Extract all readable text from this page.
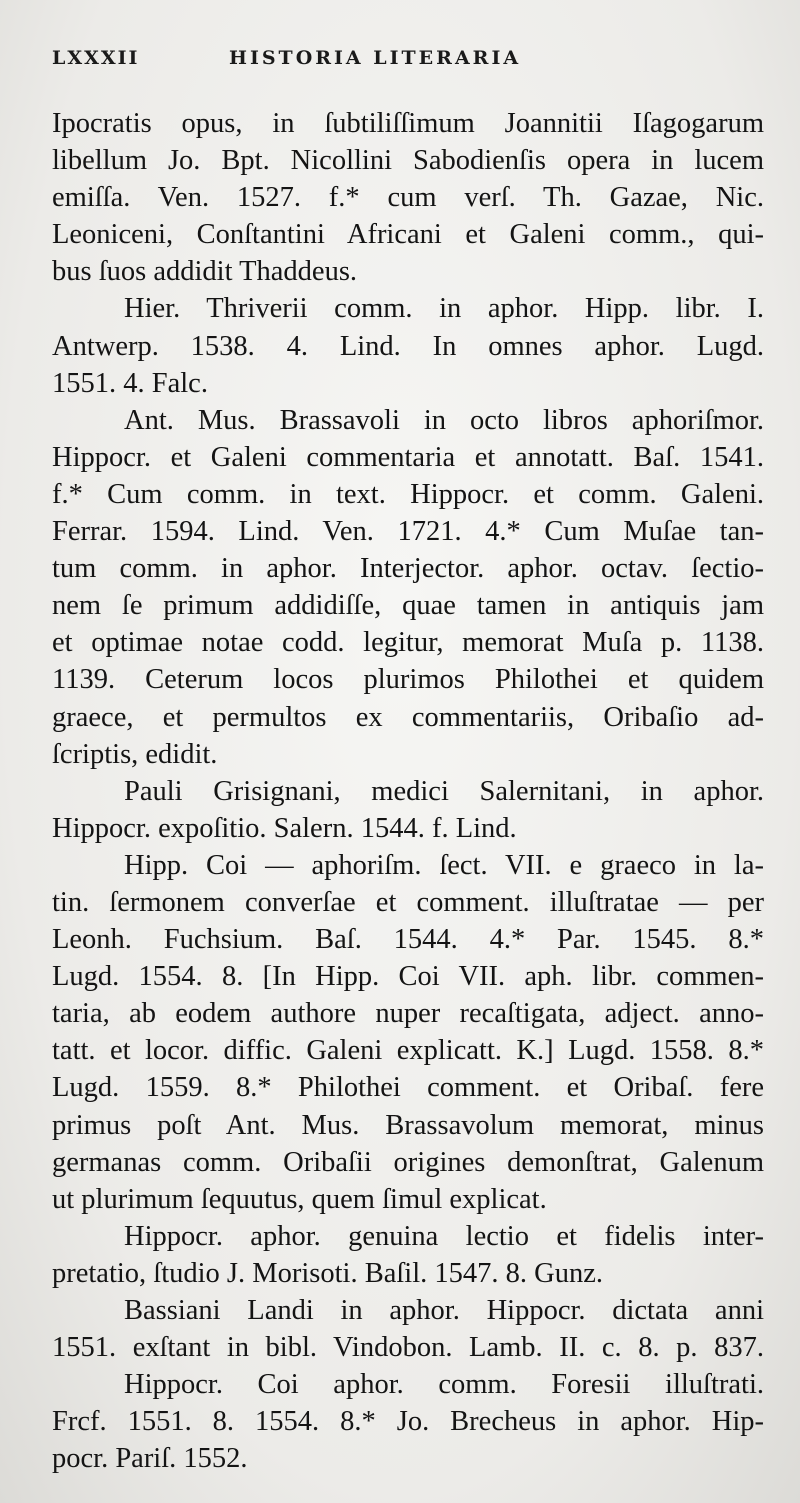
LXXXII	HISTORIA LITERARIA
Ipocratis opus, in ſubtiliſſimum Joannitii Iſagogarum
libellum Jo. Bpt. Nicollini Sabodienſis opera in lucem
emiſſa. Ven. 1527. f.* cum verſ. Th. Gazae, Nic.
Leoniceni, Conſtantini Africani et Galeni comm., qui-
bus ſuos addidit Thaddeus.
Hier. Thriverii comm. in aphor. Hipp. libr. I.
Antwerp. 1538. 4. Lind. In omnes aphor. Lugd.
1551. 4. Falc.
Ant. Mus. Brassavoli in octo libros aphoriſmor.
Hippocr. et Galeni commentaria et annotatt. Baſ. 1541.
f.* Cum comm. in text. Hippocr. et comm. Galeni.
Ferrar. 1594. Lind. Ven. 1721. 4.* Cum Muſae tan-
tum comm. in aphor. Interjector. aphor. octav. ſectio-
nem ſe primum addidiſſe, quae tamen in antiquis jam
et optimae notae codd. legitur, memorat Muſa p. 1138.
1139. Ceterum locos plurimos Philothei et quidem
graece, et permultos ex commentariis, Oribaſio ad-
ſcriptis, edidit.
Pauli Grisignani, medici Salernitani, in aphor.
Hippocr. expoſitio. Salern. 1544. f. Lind.
Hipp. Coi — aphoriſm. ſect. VII. e graeco in la-
tin. ſermonem converſae et comment. illuſtratae — per
Leonh. Fuchsium. Baſ. 1544. 4.* Par. 1545. 8.*
Lugd. 1554. 8. [In Hipp. Coi VII. aph. libr. commen-
taria, ab eodem authore nuper recaſtigata, adject. anno-
tatt. et locor. diffic. Galeni explicatt. K.] Lugd. 1558. 8.*
Lugd. 1559. 8.* Philothei comment. et Oribaſ. fere
primus poſt Ant. Mus. Brassavolum memorat, minus
germanas comm. Oribaſii origines demonſtrat, Galenum
ut plurimum ſequutus, quem ſimul explicat.
Hippocr. aphor. genuina lectio et fidelis inter-
pretatio, ſtudio J. Morisoti. Baſil. 1547. 8. Gunz.
Bassiani Landi in aphor. Hippocr. dictata anni
1551. exſtant in bibl. Vindobon. Lamb. II. c. 8. p. 837.
Hippocr. Coi aphor. comm. Foresii illuſtrati.
Frcf. 1551. 8. 1554. 8.* Jo. Brecheus in aphor. Hip-
pocr. Pariſ. 1552.
